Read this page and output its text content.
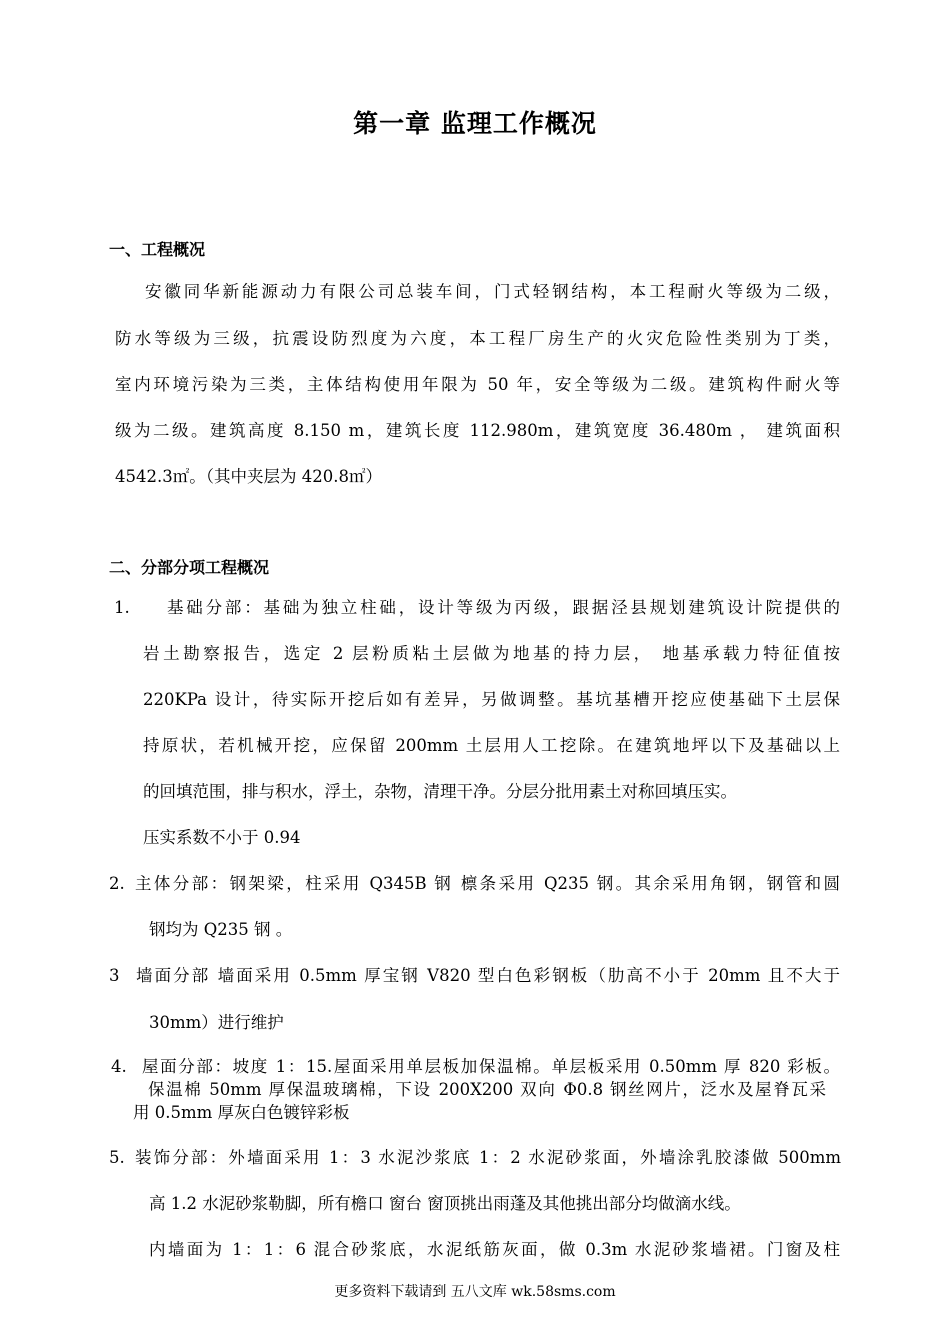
第一章 监理工作概况
一、工程概况

安徽同华新能源动力有限公司总装车间，门式轻钢结构，本工程耐火等级为二级，

防水等级为三级，抗震设防烈度为六度，本工程厂房生产的火灾危险性类别为丁类，

室内环境污染为三类，主体结构使用年限为 50 年，安全等级为二级。建筑构件耐火等

级为二级。建筑高度 8.150 m，建筑长度 112.980m，建筑宽度 36.480m ， 建筑面积

4542.3㎡。（其中夹层为 420.8㎡）

二、分部分项工程概况
1. 基础分部：基础为独立柱础，设计等级为丙级，跟据泾县规划建筑设计院提供的

岩土勘察报告，选定 2 层粉质粘土层做为地基的持力层， 地基承载力特征值按

220KPa 设计，待实际开挖后如有差异，另做调整。基坑基槽开挖应使基础下土层保

持原状，若机械开挖，应保留 200mm 土层用人工挖除。在建筑地坪以下及基础以上

的回填范围，排与积水，浮土，杂物，清理干净。分层分批用素土对称回填压实。

压实系数不小于 0.94

2. 主体分部：钢架梁，柱采用 Q345B 钢 檩条采用 Q235 钢。其余采用角钢，钢管和圆

钢均为 Q235 钢 。

3 墙面分部 墙面采用 0.5mm 厚宝钢 V820 型白色彩钢板（肋高不小于 20mm 且不大于

30mm）进行维护

4. 屋面分部：坡度 1：15.屋面采用单层板加保温棉。单层板采用 0.50mm 厚 820 彩板。

保温棉 50mm 厚保温玻璃棉，下设 200X200 双向 Φ0.8 钢丝网片，泛水及屋脊瓦采

用 0.5mm 厚灰白色镀锌彩板

5. 装饰分部：外墙面采用 1：3 水泥沙浆底 1：2 水泥砂浆面，外墙涂乳胶漆做 500mm

高 1.2 水泥砂浆勒脚，所有檐口 窗台 窗顶挑出雨蓬及其他挑出部分均做滴水线。

内墙面为 1：1：6 混合砂浆底，水泥纸筋灰面，做 0.3m 水泥砂浆墙裙。门窗及柱

更多资料下载请到 五八文库 wk.58sms.com
